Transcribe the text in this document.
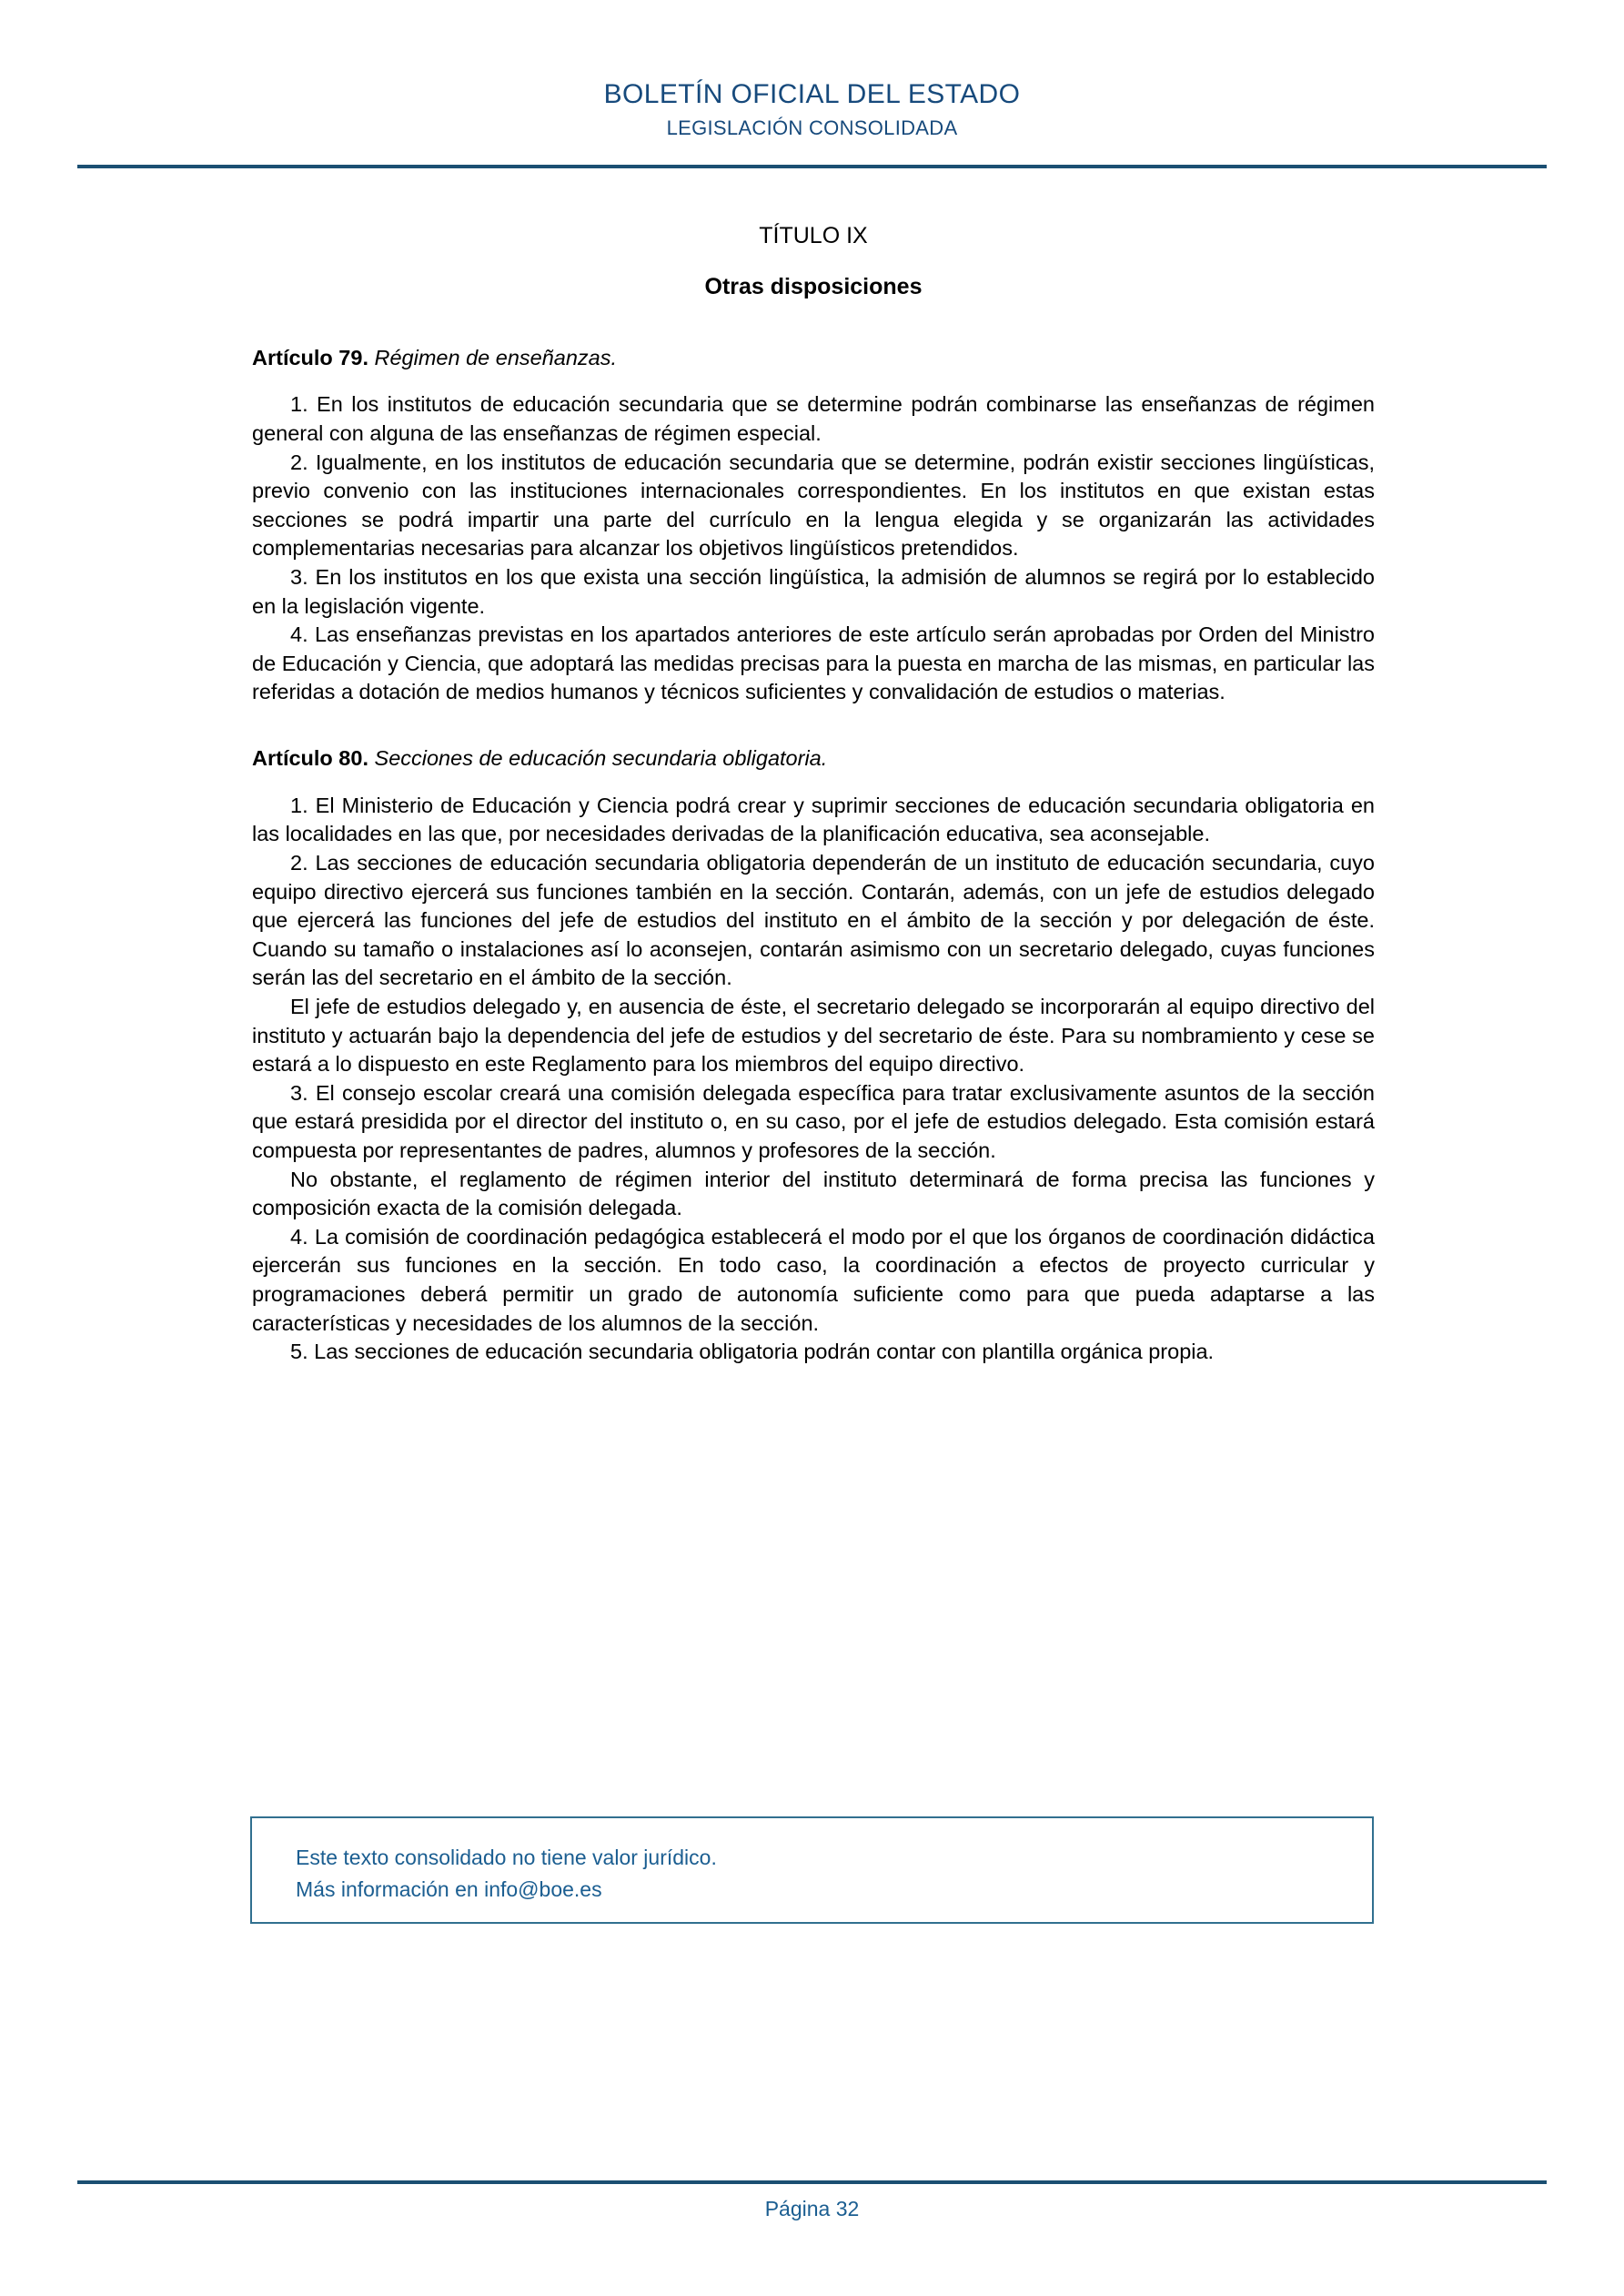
BOLETÍN OFICIAL DEL ESTADO
LEGISLACIÓN CONSOLIDADA
TÍTULO IX
Otras disposiciones
Artículo 79. Régimen de enseñanzas.

1. En los institutos de educación secundaria que se determine podrán combinarse las enseñanzas de régimen general con alguna de las enseñanzas de régimen especial.

2. Igualmente, en los institutos de educación secundaria que se determine, podrán existir secciones lingüísticas, previo convenio con las instituciones internacionales correspondientes. En los institutos en que existan estas secciones se podrá impartir una parte del currículo en la lengua elegida y se organizarán las actividades complementarias necesarias para alcanzar los objetivos lingüísticos pretendidos.

3. En los institutos en los que exista una sección lingüística, la admisión de alumnos se regirá por lo establecido en la legislación vigente.

4. Las enseñanzas previstas en los apartados anteriores de este artículo serán aprobadas por Orden del Ministro de Educación y Ciencia, que adoptará las medidas precisas para la puesta en marcha de las mismas, en particular las referidas a dotación de medios humanos y técnicos suficientes y convalidación de estudios o materias.

Artículo 80. Secciones de educación secundaria obligatoria.

1. El Ministerio de Educación y Ciencia podrá crear y suprimir secciones de educación secundaria obligatoria en las localidades en las que, por necesidades derivadas de la planificación educativa, sea aconsejable.

2. Las secciones de educación secundaria obligatoria dependerán de un instituto de educación secundaria, cuyo equipo directivo ejercerá sus funciones también en la sección. Contarán, además, con un jefe de estudios delegado que ejercerá las funciones del jefe de estudios del instituto en el ámbito de la sección y por delegación de éste. Cuando su tamaño o instalaciones así lo aconsejen, contarán asimismo con un secretario delegado, cuyas funciones serán las del secretario en el ámbito de la sección.

El jefe de estudios delegado y, en ausencia de éste, el secretario delegado se incorporarán al equipo directivo del instituto y actuarán bajo la dependencia del jefe de estudios y del secretario de éste. Para su nombramiento y cese se estará a lo dispuesto en este Reglamento para los miembros del equipo directivo.

3. El consejo escolar creará una comisión delegada específica para tratar exclusivamente asuntos de la sección que estará presidida por el director del instituto o, en su caso, por el jefe de estudios delegado. Esta comisión estará compuesta por representantes de padres, alumnos y profesores de la sección.

No obstante, el reglamento de régimen interior del instituto determinará de forma precisa las funciones y composición exacta de la comisión delegada.

4. La comisión de coordinación pedagógica establecerá el modo por el que los órganos de coordinación didáctica ejercerán sus funciones en la sección. En todo caso, la coordinación a efectos de proyecto curricular y programaciones deberá permitir un grado de autonomía suficiente como para que pueda adaptarse a las características y necesidades de los alumnos de la sección.

5. Las secciones de educación secundaria obligatoria podrán contar con plantilla orgánica propia.

Este texto consolidado no tiene valor jurídico.
Más información en info@boe.es
Página 32
